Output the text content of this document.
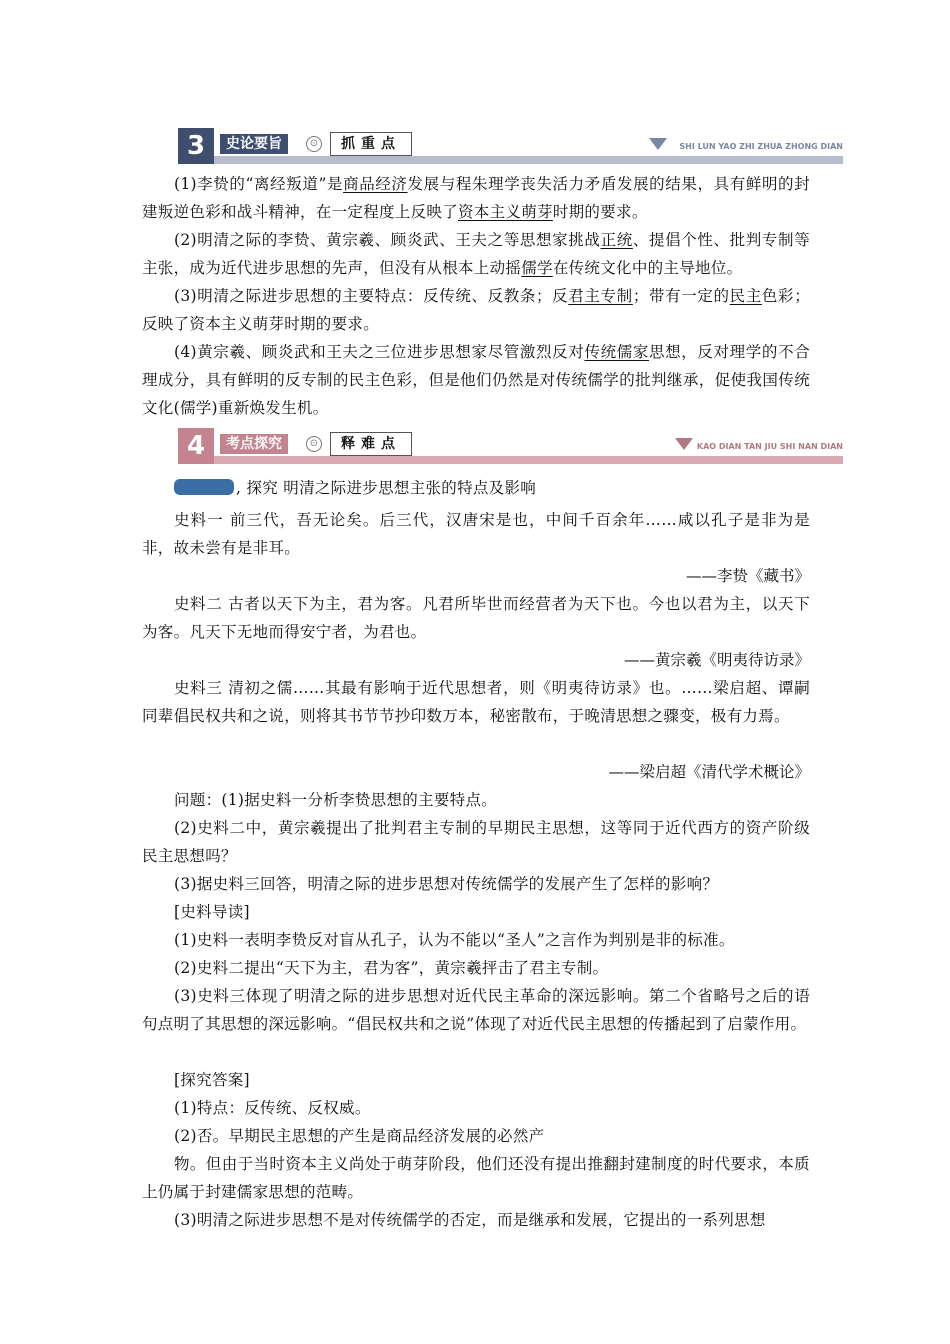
3	史论要旨	⊙	抓重点	SHI LUN YAO ZHI ZHUA ZHONG DIAN

(1)李贽的“离经叛道”是商品经济发展与程朱理学丧失活力矛盾发展的结果，具有鲜明的封建叛逆色彩和战斗精神，在一定程度上反映了资本主义萌芽时期的要求。

(2)明清之际的李贽、黄宗羲、顾炎武、王夫之等思想家挑战正统、提倡个性、批判专制等主张，成为近代进步思想的先声，但没有从根本上动摇儒学在传统文化中的主导地位。

(3)明清之际进步思想的主要特点：反传统、反教条；反君主专制；带有一定的民主色彩；反映了资本主义萌芽时期的要求。

(4)黄宗羲、顾炎武和王夫之三位进步思想家尽管激烈反对传统儒家思想，反对理学的不合理成分，具有鲜明的反专制的民主色彩，但是他们仍然是对传统儒学的批判继承，促使我国传统文化(儒学)重新焕发生机。

4	考点探究	⊙	释难点	KAO DIAN TAN JIU SHI NAN DIAN

, 探究 明清之际进步思想主张的特点及影响

史料一 前三代，吾无论矣。后三代，汉唐宋是也，中间千百余年……咸以孔子是非为是非，故未尝有是非耳。

——李贽《藏书》

史料二 古者以天下为主，君为客。凡君所毕世而经营者为天下也。今也以君为主，以天下为客。凡天下无地而得安宁者，为君也。

——黄宗羲《明夷待访录》

史料三 清初之儒……其最有影响于近代思想者，则《明夷待访录》也。……梁启超、谭嗣同辈倡民权共和之说，则将其书节节抄印数万本，秘密散布，于晚清思想之骤变，极有力焉。

——梁启超《清代学术概论》

问题：(1)据史料一分析李贽思想的主要特点。

(2)史料二中，黄宗羲提出了批判君主专制的早期民主思想，这等同于近代西方的资产阶级民主思想吗？

(3)据史料三回答，明清之际的进步思想对传统儒学的发展产生了怎样的影响？

[史料导读]

(1)史料一表明李贽反对盲从孔子，认为不能以“圣人”之言作为判别是非的标准。

(2)史料二提出“天下为主，君为客”，黄宗羲抨击了君主专制。

(3)史料三体现了明清之际的进步思想对近代民主革命的深远影响。第二个省略号之后的语句点明了其思想的深远影响。“倡民权共和之说”体现了对近代民主思想的传播起到了启蒙作用。

[探究答案]

(1)特点：反传统、反权威。

(2)否。早期民主思想的产生是商品经济发展的必然产

物。但由于当时资本主义尚处于萌芽阶段，他们还没有提出推翻封建制度的时代要求，本质上仍属于封建儒家思想的范畴。

(3)明清之际进步思想不是对传统儒学的否定，而是继承和发展，它提出的一系列思想
